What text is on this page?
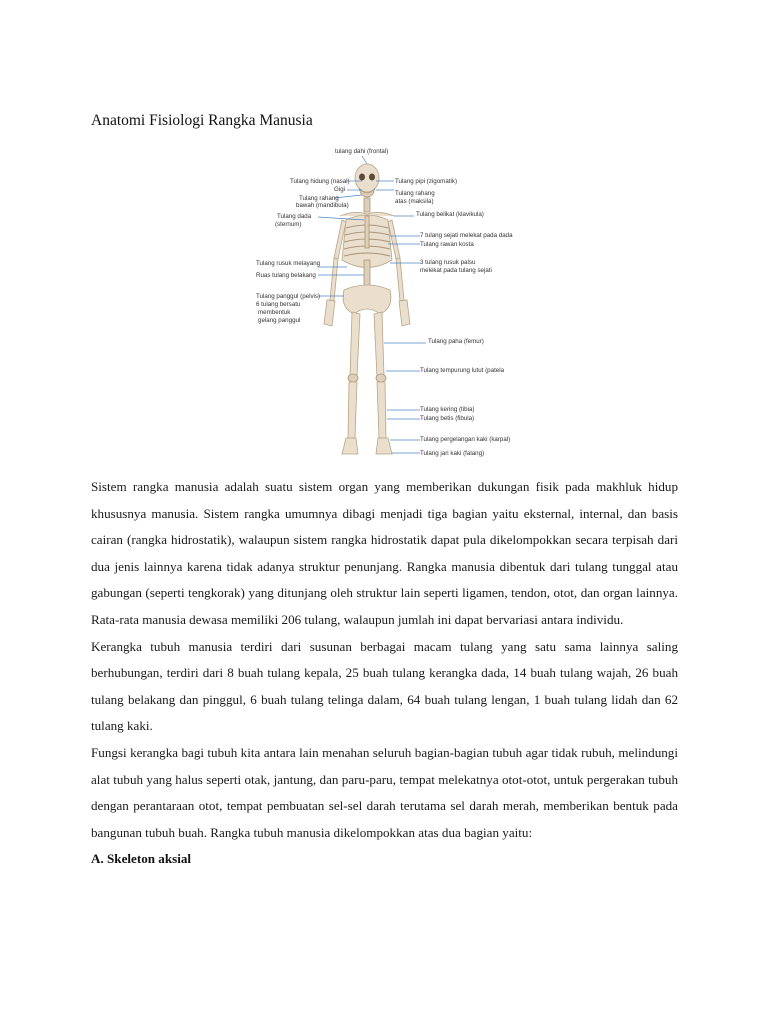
Anatomi Fisiologi Rangka Manusia
tulang dahi (frontal)
Tulang hidung (nasal)
Gigi
Tulang rahang
bawah (mandibula)
Tulang dada
(sternum)
Tulang pipi (zigomatik)
Tulang rahang
atas (maksila)
Tulang belikat (klavikula)
7 tulang sejati melekat pada dada
Tulang rawan kosta
Tulang rusuk melayang
Ruas tulang belakang
3 tulang rusuk palsu
melekat pada tulang sejati
Tulang panggul (pelvis)
6 tulang bersatu
membentuk
gelang panggul
Tulang paha (femur)
Tulang tempurung lutut (patela
Tulang kering (tibia)
Tulang betis (fibula)
Tulang pergelangan kaki (karpal)
Tulang jari kaki (falang)

Sistem rangka manusia adalah suatu sistem organ yang memberikan dukungan fisik pada makhluk hidup khususnya manusia. Sistem rangka umumnya dibagi menjadi tiga bagian yaitu eksternal, internal, dan basis cairan (rangka hidrostatik), walaupun sistem rangka hidrostatik dapat pula dikelompokkan secara terpisah dari dua jenis lainnya karena tidak adanya struktur penunjang. Rangka manusia dibentuk dari tulang tunggal atau gabungan (seperti tengkorak) yang ditunjang oleh struktur lain seperti ligamen, tendon, otot, dan organ lainnya. Rata-rata manusia dewasa memiliki 206 tulang, walaupun jumlah ini dapat bervariasi antara individu.

Kerangka tubuh manusia terdiri dari susunan berbagai macam tulang yang satu sama lainnya saling berhubungan, terdiri dari 8 buah tulang kepala, 25 buah tulang kerangka dada, 14 buah tulang wajah, 26 buah tulang belakang dan pinggul, 6 buah tulang telinga dalam, 64 buah tulang lengan, 1 buah tulang lidah dan 62 tulang kaki.

Fungsi kerangka bagi tubuh kita antara lain menahan seluruh bagian-bagian tubuh agar tidak rubuh, melindungi alat tubuh yang halus seperti otak, jantung, dan paru-paru, tempat melekatnya otot-otot, untuk pergerakan tubuh dengan perantaraan otot, tempat pembuatan sel-sel darah terutama sel darah merah, memberikan bentuk pada bangunan tubuh buah. Rangka tubuh manusia dikelompokkan atas dua bagian yaitu:

A. Skeleton aksial
